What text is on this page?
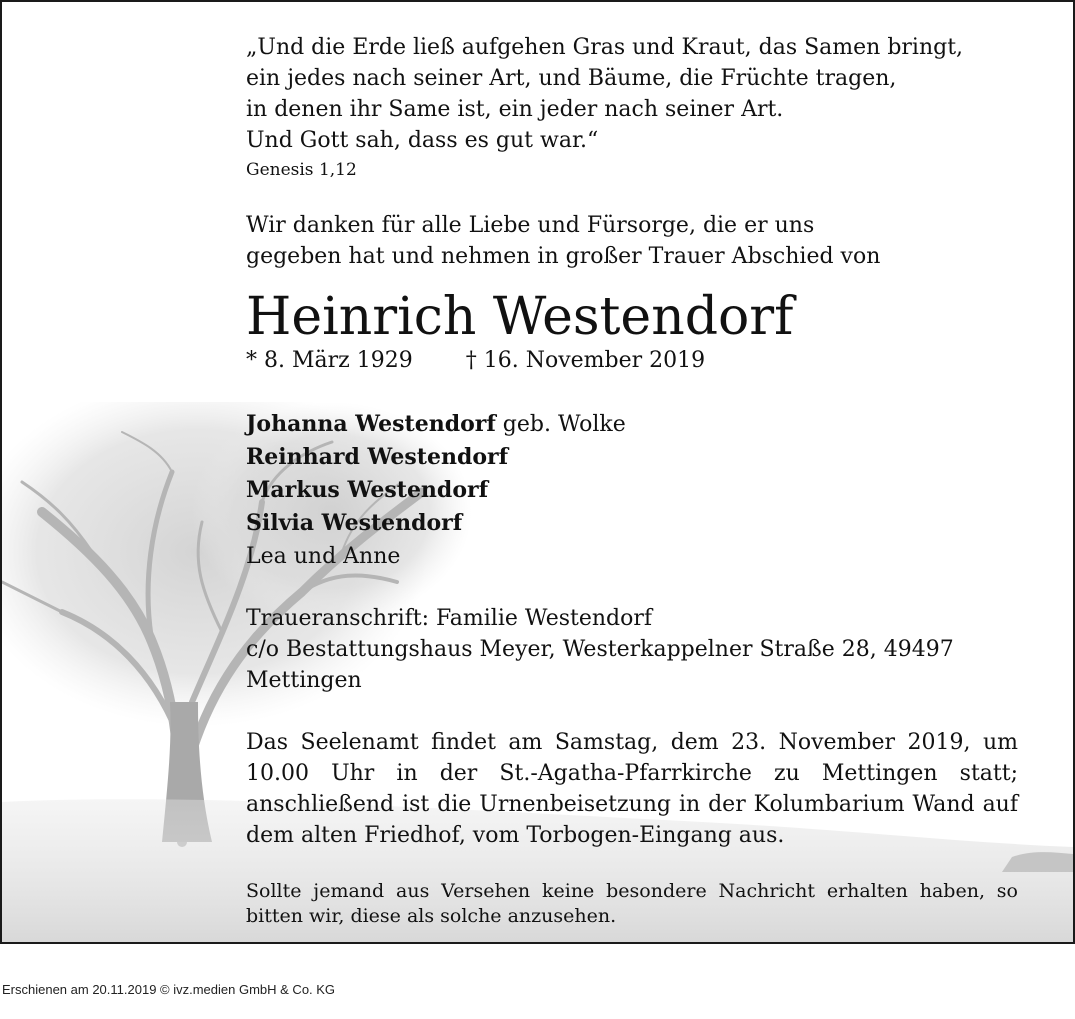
„Und die Erde ließ aufgehen Gras und Kraut, das Samen bringt,
ein jedes nach seiner Art, und Bäume, die Früchte tragen,
in denen ihr Same ist, ein jeder nach seiner Art.
Und Gott sah, dass es gut war.“
Genesis 1,12
Wir danken für alle Liebe und Fürsorge, die er uns
gegeben hat und nehmen in großer Trauer Abschied von
Heinrich Westendorf
* 8. März 1929 † 16. November 2019
Johanna Westendorf geb. Wolke
Reinhard Westendorf
Markus Westendorf
Silvia Westendorf
Lea und Anne
Traueranschrift: Familie Westendorf
c/o Bestattungshaus Meyer, Westerkappelner Straße 28, 49497 Mettingen
Das Seelenamt findet am Samstag, dem 23. November 2019, um 10.00 Uhr in der St.-Agatha-Pfarrkirche zu Mettingen statt; anschließend ist die Urnenbeisetzung in der Kolumbarium Wand auf dem alten Friedhof, vom Torbogen-Eingang aus.
Sollte jemand aus Versehen keine besondere Nachricht erhalten haben, so bitten wir, diese als solche anzusehen.
Erschienen am 20.11.2019 © ivz.medien GmbH & Co. KG
